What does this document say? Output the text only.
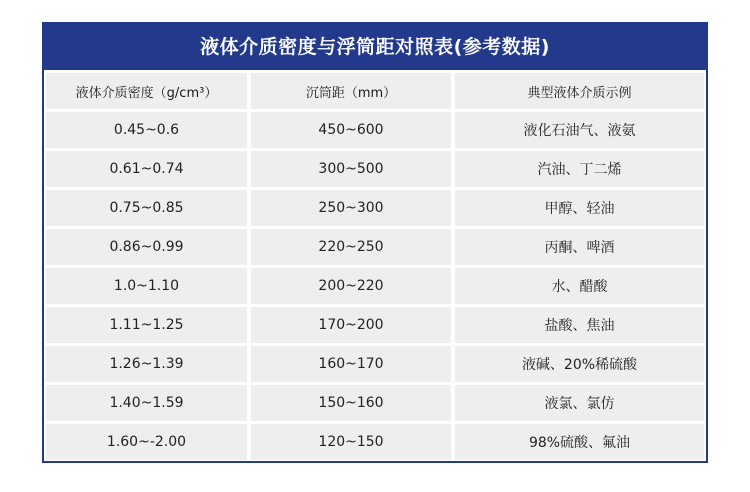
液体介质密度与浮筒距对照表(参考数据)
液体介质密度（g/cm³）	沉筒距（mm）	典型液体介质示例
0.45~0.6	450~600	液化石油气、液氨
0.61~0.74	300~500	汽油、丁二烯
0.75~0.85	250~300	甲醇、轻油
0.86~0.99	220~250	丙酮、啤酒
1.0~1.10	200~220	水、醋酸
1.11~1.25	170~200	盐酸、焦油
1.26~1.39	160~170	液碱、20%稀硫酸
1.40~1.59	150~160	液氯、氯仿
1.60~-2.00	120~150	98%硫酸、氟油
